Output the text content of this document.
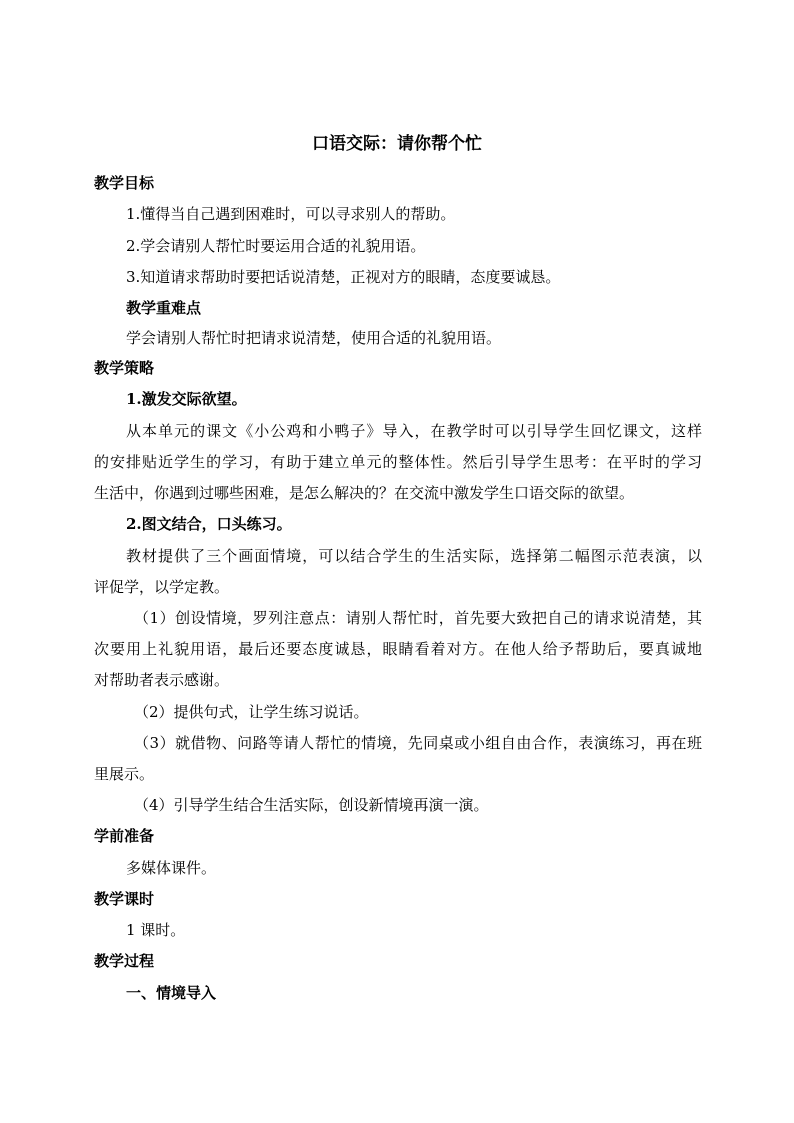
口语交际：请你帮个忙

教学目标

1.懂得当自己遇到困难时，可以寻求别人的帮助。

2.学会请别人帮忙时要运用合适的礼貌用语。

3.知道请求帮助时要把话说清楚，正视对方的眼睛，态度要诚恳。

教学重难点

学会请别人帮忙时把请求说清楚，使用合适的礼貌用语。

教学策略

1.激发交际欲望。

从本单元的课文《小公鸡和小鸭子》导入，在教学时可以引导学生回忆课文，这样

的安排贴近学生的学习，有助于建立单元的整体性。然后引导学生思考：在平时的学习

生活中，你遇到过哪些困难，是怎么解决的？在交流中激发学生口语交际的欲望。

2.图文结合，口头练习。

教材提供了三个画面情境，可以结合学生的生活实际，选择第二幅图示范表演，以

评促学，以学定教。

（1）创设情境，罗列注意点：请别人帮忙时，首先要大致把自己的请求说清楚，其

次要用上礼貌用语，最后还要态度诚恳，眼睛看着对方。在他人给予帮助后，要真诚地

对帮助者表示感谢。

（2）提供句式，让学生练习说话。

（3）就借物、问路等请人帮忙的情境，先同桌或小组自由合作，表演练习，再在班

里展示。

（4）引导学生结合生活实际，创设新情境再演一演。

学前准备

多媒体课件。

教学课时

1 课时。

教学过程

一、情境导入
